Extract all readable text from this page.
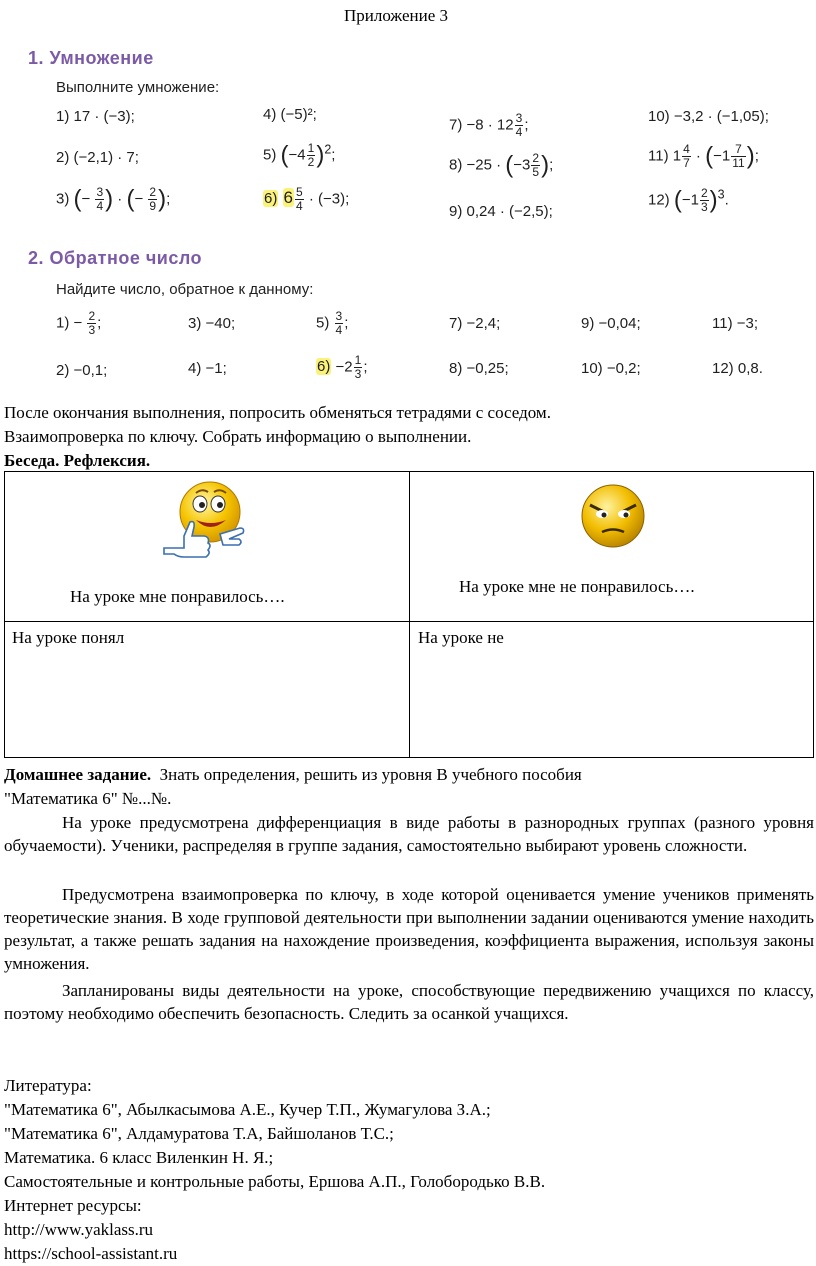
Приложение 3
1. Умножение
Выполните умножение:
1) 17 · (−3);
2) (−2,1) · 7;
3) (− $\frac{3}{4}$ ) · (− $\frac{2}{9}$ );
4) (−5)²;
5) $(-4 \frac{1}{2} )^2$;
6) $6 \frac{5}{4} \cdot (-3)$;
$7) -8 \cdot 12 \frac{3}{4}$ ;
$8) -25 \cdot (-3 \frac{2}{5}$ );
9) 0,24 · (−2,5);
10) −3,2 · (−1,05);
11) $1 \frac{4}{7} \cdot (-1 \frac{7}{11}$ );
12) $(-1 \frac{2}{3} )^3$.
2. Обратное число
Найдите число, обратное к данному:
$1) - \frac{2}{3}$ ;
2) −0,1;
3) −40;
4) −1;
$5) \frac{3}{4}$ ;
$6) -2 \frac{1}{3}$ ;
7) −2,4;
8) −0,25;
9) −0,04;
10) −0,2;
11) −3;
12) 0,8.
После окончания выполнения, попросить обменяться тетрадями с соседом.
Взаимопроверка по ключу. Собрать информацию о выполнении.
Беседа. Рефлексия.
На уроке мне понравилось….
На уроке мне не понравилось….
На уроке понял	На уроке не
Домашнее задание.  Знать определения, решить из уровня В учебного пособия
"Математика 6" №...№.
На уроке предусмотрена дифференциация в виде работы в разнородных группах (разного уровня обучаемости). Ученики, распределяя в группе задания, самостоятельно выбирают уровень сложности.
Предусмотрена взаимопроверка по ключу, в ходе которой оценивается умение учеников применять теоретические знания. В ходе групповой деятельности при выполнении задании оцениваются умение находить результат, а также решать задания на нахождение произведения, коэффициента выражения, используя законы умножения.
Запланированы виды деятельности на уроке, способствующие передвижению учащихся по классу, поэтому необходимо обеспечить безопасность. Следить за осанкой учащихся.
Литература:
"Математика 6", Абылкасымова А.Е., Кучер Т.П., Жумагулова З.А.;
"Математика 6", Алдамуратова Т.А, Байшоланов Т.С.;
Математика. 6 класс Виленкин Н. Я.;
Самостоятельные и контрольные работы, Ершова А.П., Голобородько В.В.
Интернет ресурсы:
http://www.yaklass.ru
https://school-assistant.ru
